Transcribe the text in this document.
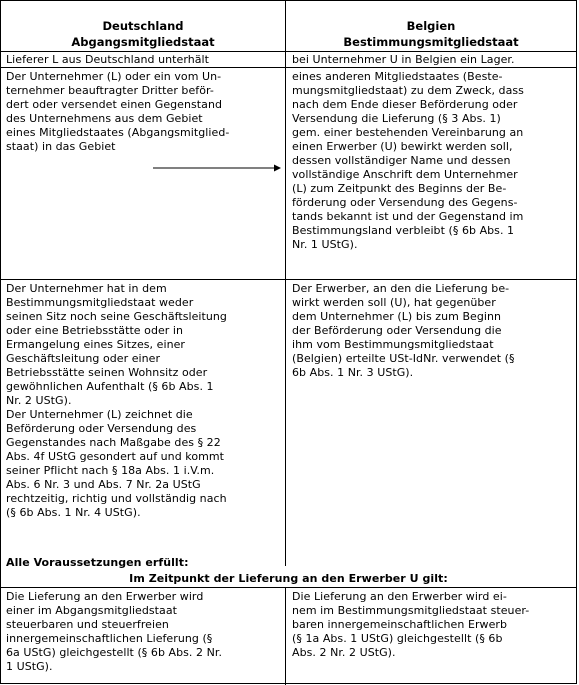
Deutschland
Abgangsmitgliedstaat
Belgien
Bestimmungsmitgliedstaat
Lieferer L aus Deutschland unterhält	bei Unternehmer U in Belgien ein Lager.
Der Unternehmer (L) oder ein vom Un-
ternehmer beauftragter Dritter beför-
dert oder versendet einen Gegenstand
des Unternehmens aus dem Gebiet
eines Mitgliedstaates (Abgangsmitglied-
staat) in das Gebiet
eines anderen Mitgliedstaates (Beste-
mungsmitgliedstaat) zu dem Zweck, dass
nach dem Ende dieser Beförderung oder
Versendung die Lieferung (§ 3 Abs. 1)
gem. einer bestehenden Vereinbarung an
einen Erwerber (U) bewirkt werden soll,
dessen vollständiger Name und dessen
vollständige Anschrift dem Unternehmer
(L) zum Zeitpunkt des Beginns der Be-
förderung oder Versendung des Gegens-
tands bekannt ist und der Gegenstand im
Bestimmungsland verbleibt (§ 6b Abs. 1
Nr. 1 UStG).
Der Unternehmer hat in dem
Bestimmungsmitgliedstaat weder
seinen Sitz noch seine Geschäftsleitung
oder eine Betriebsstätte oder in
Ermangelung eines Sitzes, einer
Geschäftsleitung oder einer
Betriebsstätte seinen Wohnsitz oder
gewöhnlichen Aufenthalt (§ 6b Abs. 1
Nr. 2 UStG).
Der Unternehmer (L) zeichnet die
Beförderung oder Versendung des
Gegenstandes nach Maßgabe des § 22
Abs. 4f UStG gesondert auf und kommt
seiner Pflicht nach § 18a Abs. 1 i.V.m.
Abs. 6 Nr. 3 und Abs. 7 Nr. 2a UStG
rechtzeitig, richtig und vollständig nach
(§ 6b Abs. 1 Nr. 4 UStG).
Der Erwerber, an den die Lieferung be-
wirkt werden soll (U), hat gegenüber
dem Unternehmer (L) bis zum Beginn
der Beförderung oder Versendung die
ihm vom Bestimmungsmitgliedstaat
(Belgien) erteilte USt-IdNr. verwendet (§
6b Abs. 1 Nr. 3 UStG).
Alle Voraussetzungen erfüllt:
Im Zeitpunkt der Lieferung an den Erwerber U gilt:
Die Lieferung an den Erwerber wird
einer im Abgangsmitgliedstaat
steuerbaren und steuerfreien
innergemeinschaftlichen Lieferung (§
6a UStG) gleichgestellt (§ 6b Abs. 2 Nr.
1 UStG).
Die Lieferung an den Erwerber wird ei-
nem im Bestimmungsmitgliedstaat steuer-
baren innergemeinschaftlichen Erwerb
(§ 1a Abs. 1 UStG) gleichgestellt (§ 6b
Abs. 2 Nr. 2 UStG).
